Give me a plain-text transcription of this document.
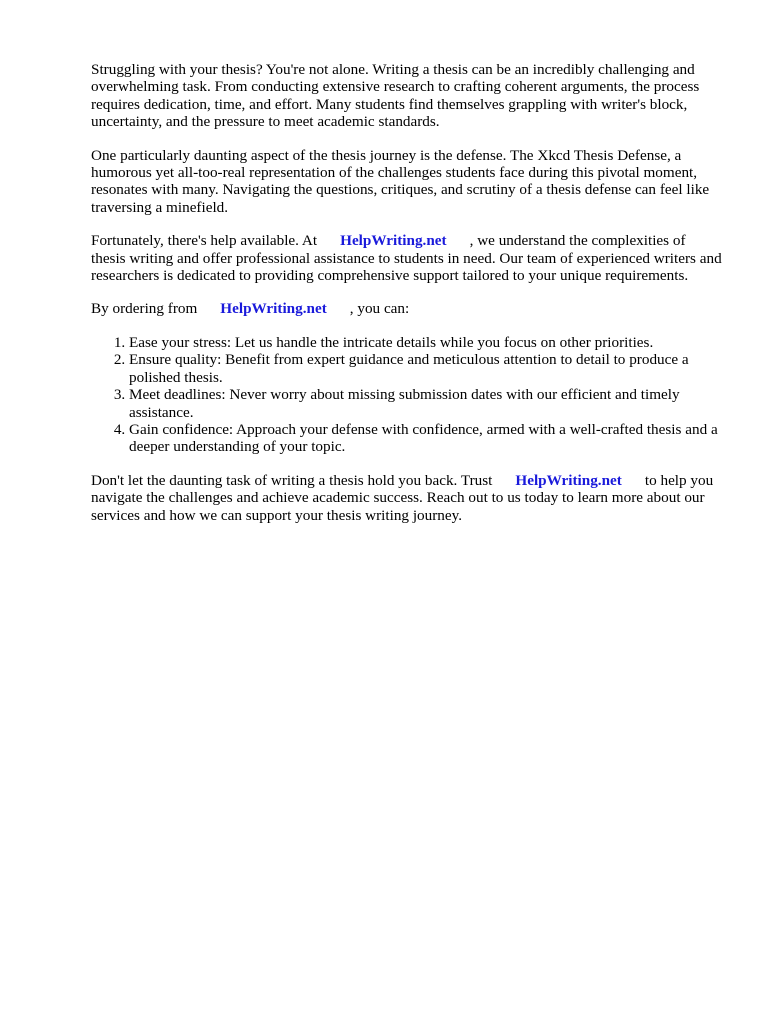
Struggling with your thesis? You're not alone. Writing a thesis can be an incredibly challenging and overwhelming task. From conducting extensive research to crafting coherent arguments, the process requires dedication, time, and effort. Many students find themselves grappling with writer's block, uncertainty, and the pressure to meet academic standards.

One particularly daunting aspect of the thesis journey is the defense. The Xkcd Thesis Defense, a humorous yet all-too-real representation of the challenges students face during this pivotal moment, resonates with many. Navigating the questions, critiques, and scrutiny of a thesis defense can feel like traversing a minefield.

Fortunately, there's help available. At HelpWriting.net , we understand the complexities of thesis writing and offer professional assistance to students in need. Our team of experienced writers and researchers is dedicated to providing comprehensive support tailored to your unique requirements.

By ordering from HelpWriting.net , you can:

1. Ease your stress: Let us handle the intricate details while you focus on other priorities.
2. Ensure quality: Benefit from expert guidance and meticulous attention to detail to produce a polished thesis.
3. Meet deadlines: Never worry about missing submission dates with our efficient and timely assistance.
4. Gain confidence: Approach your defense with confidence, armed with a well-crafted thesis and a deeper understanding of your topic.

Don't let the daunting task of writing a thesis hold you back. Trust HelpWriting.net to help you navigate the challenges and achieve academic success. Reach out to us today to learn more about our services and how we can support your thesis writing journey.
